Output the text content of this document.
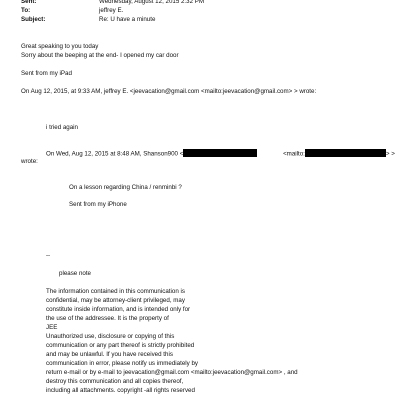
Sent:	Wednesday, August 12, 2015 2:32 PM
To:	jeffrey E.
Subject:	Re: U have a minute
Great speaking to you today
Sorry about the beeping at the end- I opened my car door
Sent from my iPad
On Aug 12, 2015, at 9:33 AM, jeffrey E. <jeevacation@gmail.com <mailto:jeevacation@gmail.com> > wrote:
i tried again
On Wed, Aug 12, 2015 at 8:48 AM, Shanson900 <	<mailto:	> >
wrote:
On a lesson regarding China / renminbi ?
Sent from my iPhone
--
please note
The information contained in this communication is
confidential, may be attorney-client privileged, may
constitute inside information, and is intended only for
the use of the addressee. It is the property of
JEE
Unauthorized use, disclosure or copying of this
communication or any part thereof is strictly prohibited
and may be unlawful. If you have received this
communication in error, please notify us immediately by
return e-mail or by e-mail to jeevacation@gmail.com <mailto:jeevacation@gmail.com> , and
destroy this communication and all copies thereof,
including all attachments. copyright -all rights reserved
